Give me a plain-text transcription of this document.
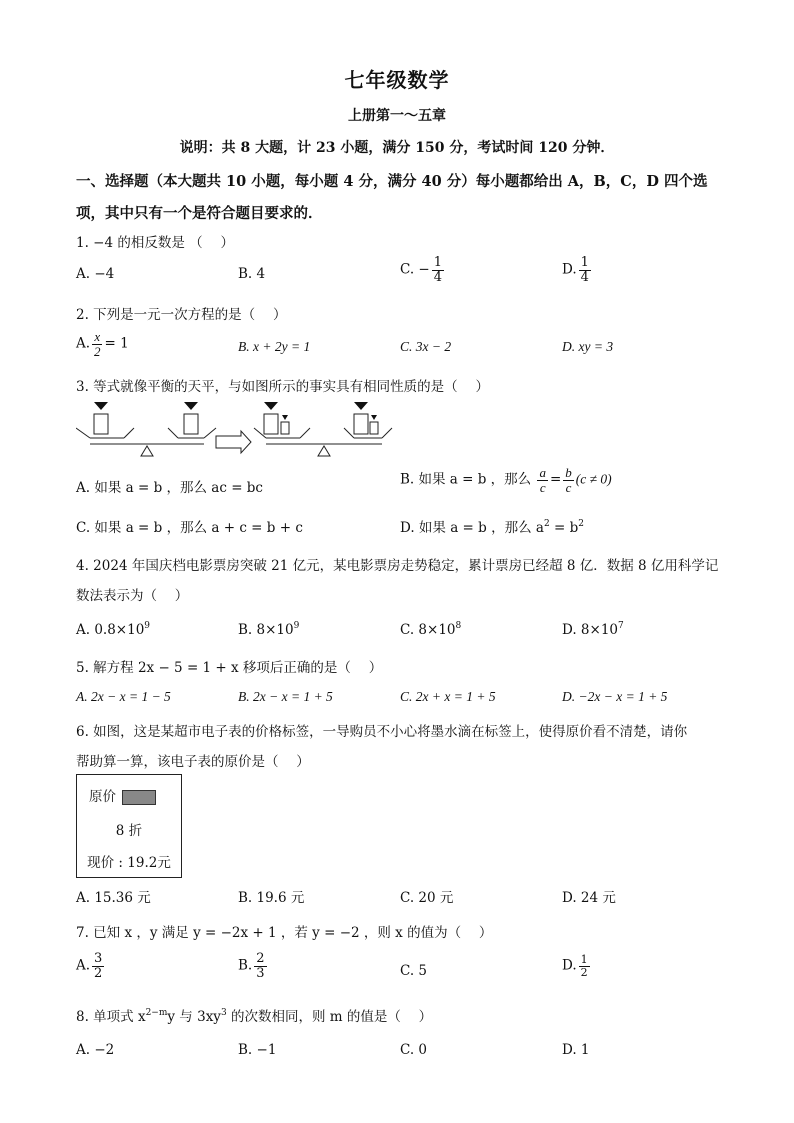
七年级数学
上册第一～五章
说明：共 8 大题，计 23 小题，满分 150 分，考试时间 120 分钟．
一、选择题（本大题共 10 小题，每小题 4 分，满分 40 分）每小题都给出 A，B，C，D 四个选项，其中只有一个是符合题目要求的．
1. −4 的相反数是 （　 ）
A. −4	B. 4	C. − $\frac{1}{4}$	D. $\frac{1}{4}$
2. 下列是一元一次方程的是（　 ）
A. $\frac{x}{2} = 1$	B. x + 2y = 1	C. 3x − 2	D. xy = 3
3. 等式就像平衡的天平，与如图所示的事实具有相同性质的是（　 ）
A. 如果 a = b ，那么 ac = bc
B. 如果 a = b ，那么 $\frac{a}{c} = \frac{b}{c} (c \ne 0)$
C. 如果 a = b ，那么 a + c = b + c	D. 如果 a = b ，那么 $a^2 = b^2$
4. 2024 年国庆档电影票房突破 21 亿元，某电影票房走势稳定，累计票房已经超 8 亿．数据 8 亿用科学记
数法表示为（　 ）
A. $0.8\times 10^9$	B. $8\times 10^9$	C. $8\times 10^8$	D. $8\times 10^7$
5. 解方程 2x − 5 = 1 + x 移项后正确的是（　 ）
A. 2x − x = 1 − 5	B. 2x − x = 1 + 5	C. 2x + x = 1 + 5	D. −2x − x = 1 + 5
6. 如图，这是某超市电子表的价格标签，一导购员不小心将墨水滴在标签上，使得原价看不清楚，请你
帮助算一算，该电子表的原价是（　 ）
原价
8 折
现价 : 19.2元
A. 15.36 元	B. 19.6 元	C. 20 元	D. 24 元
7. 已知 x ，y 满足 y = −2x + 1 ，若 y = −2 ，则 x 的值为（　 ）
A. $\frac{3}{2}$	B. $\frac{2}{3}$	C. 5	D. $\frac{1}{2}$
8. 单项式 $x^{2-m}y$ 与 $3xy^3$ 的次数相同，则 m 的值是（　 ）
A. −2	B. −1	C. 0	D. 1
